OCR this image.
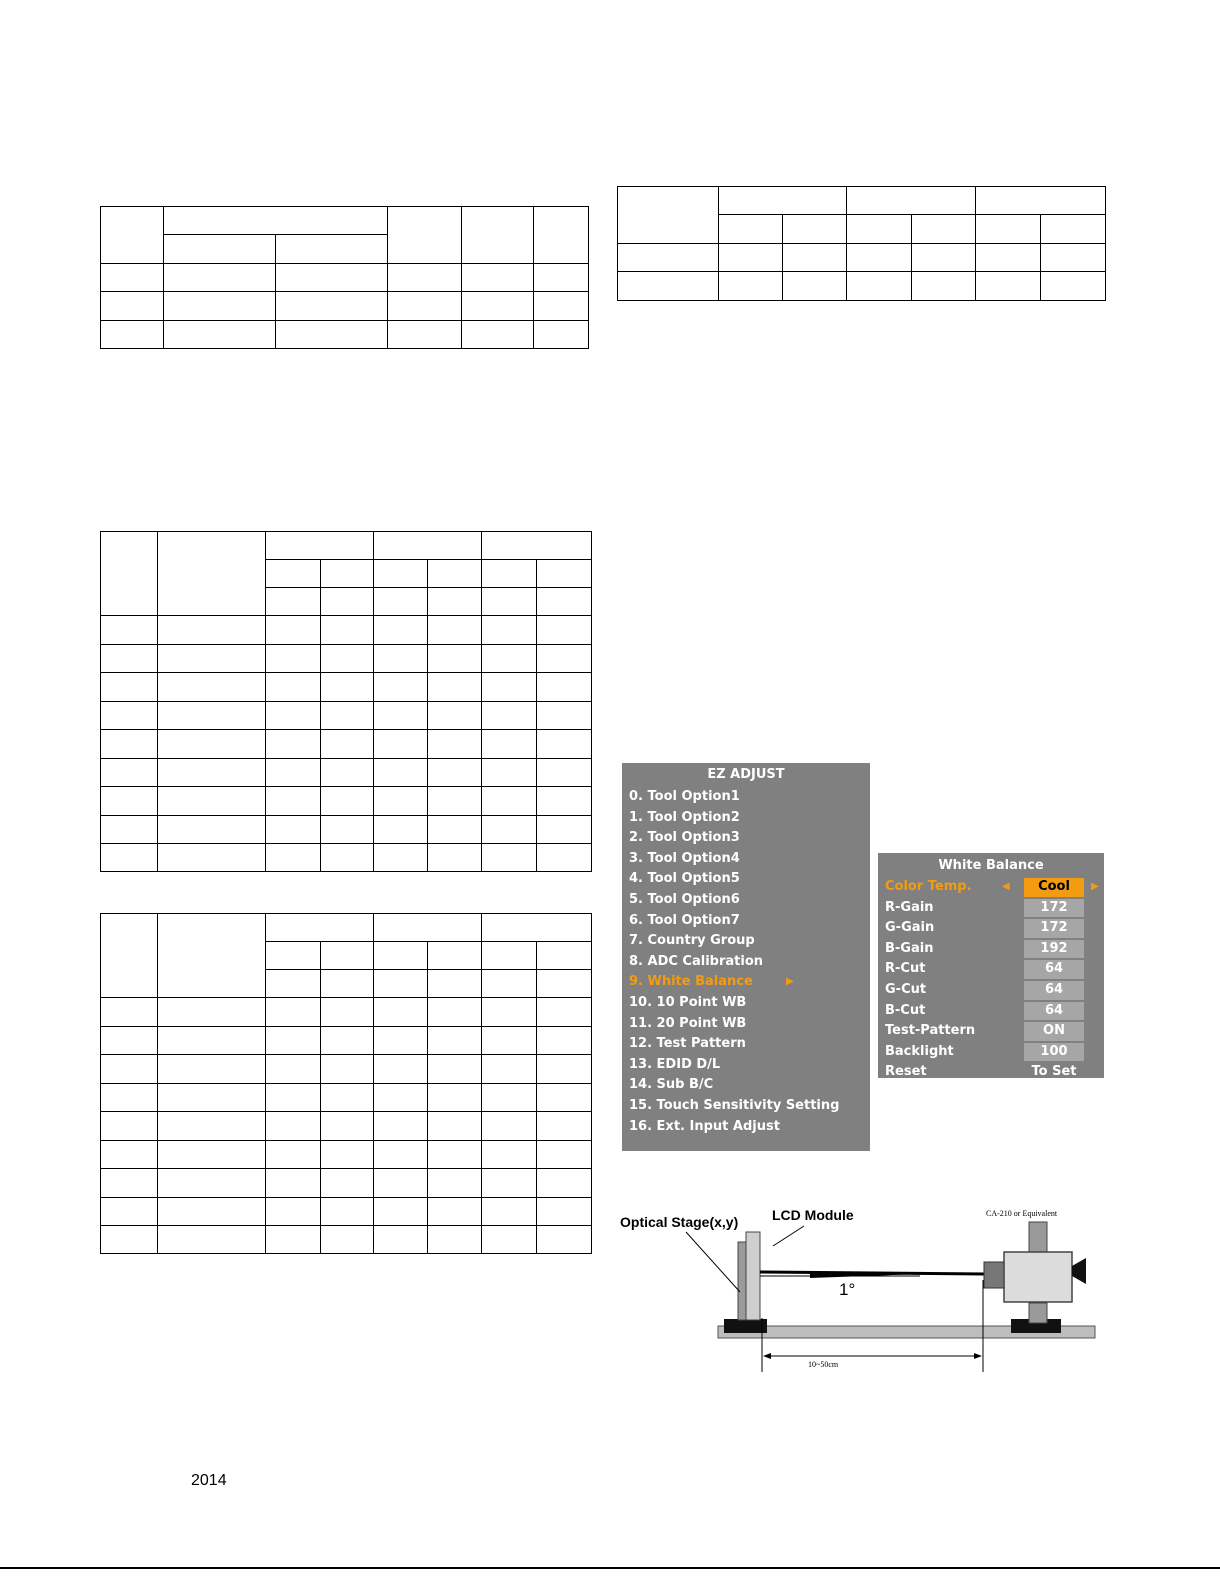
EZ ADJUST
0. Tool Option1
1. Tool Option2
2. Tool Option3
3. Tool Option4
4. Tool Option5
5. Tool Option6
6. Tool Option7
7. Country Group
8. ADC Calibration
9. White Balance	▶
10. 10 Point WB
11. 20 Point WB
12. Test Pattern
13. EDID D/L
14. Sub B/C
15. Touch Sensitivity Setting
16. Ext. Input Adjust
White Balance
Color Temp.	Cool
◀	▶
R-Gain	172
G-Gain	172
B-Gain	192
R-Cut	64
G-Cut	64
B-Cut	64
Test-Pattern	ON
Backlight	100
Reset	To Set
Optical Stage(x,y) LCD Module	CA-210 or Equivalent
1°
10~50cm
2014
